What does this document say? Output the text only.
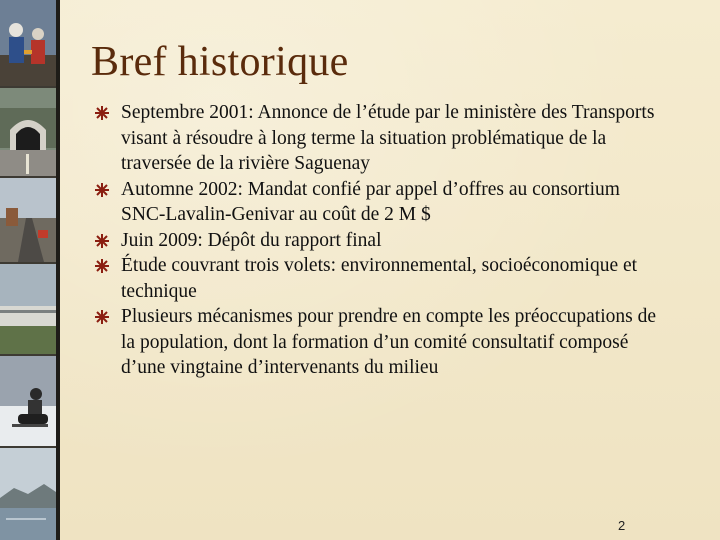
Bref historique
Septembre 2001: Annonce de l’étude par le ministère des Transports visant à résoudre à long terme la situation problématique de la traversée de la rivière Saguenay
Automne 2002: Mandat confié par appel d’offres au consortium SNC-Lavalin-Genivar au coût de 2 M $
Juin 2009: Dépôt du rapport final
Étude couvrant trois volets: environnemental, socioéconomique et technique
Plusieurs mécanismes pour prendre en compte les préoccupations de la population, dont la formation d’un comité consultatif composé d’une vingtaine d’intervenants du milieu
2
